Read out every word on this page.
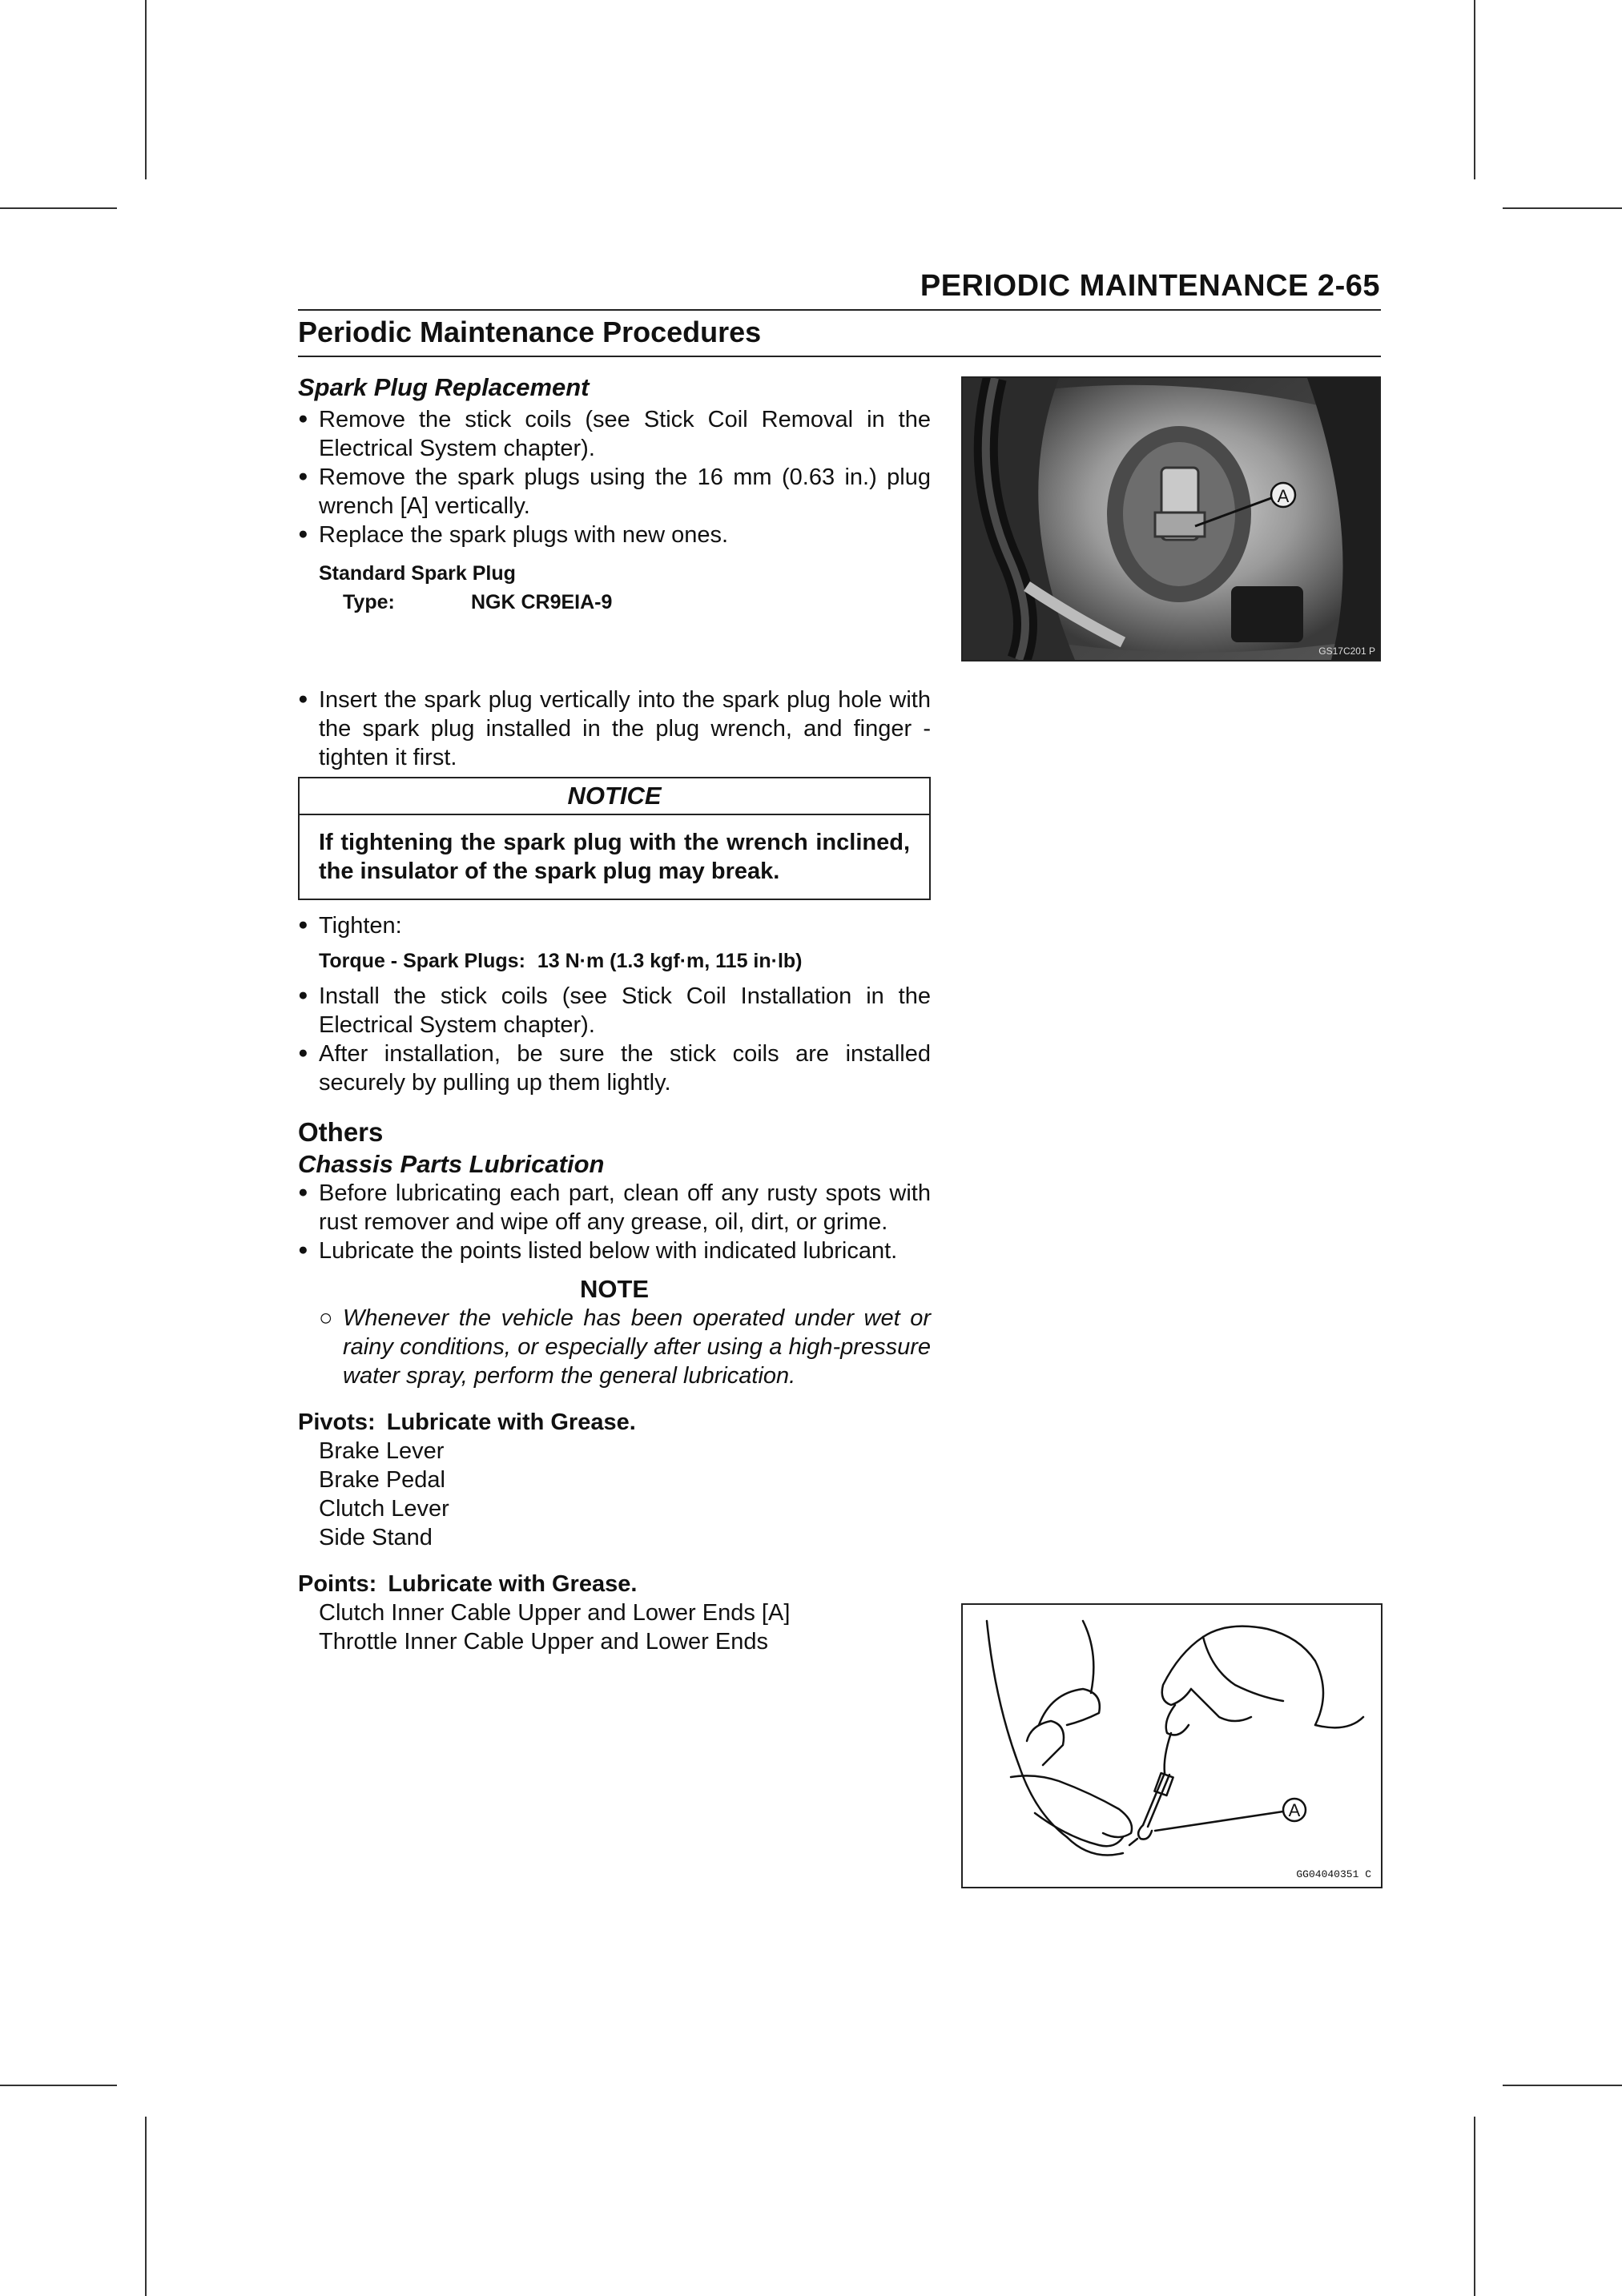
PERIODIC MAINTENANCE 2-65
Periodic Maintenance Procedures
Spark Plug Replacement
● Remove the stick coils (see Stick Coil Removal in the Electrical System chapter).
● Remove the spark plugs using the 16 mm (0.63 in.) plug wrench [A] vertically.
● Replace the spark plugs with new ones.
Standard Spark Plug
Type:	NGK CR9EIA-9
● Insert the spark plug vertically into the spark plug hole with the spark plug installed in the plug wrench, and finger -tighten it first.
NOTICE
If tightening the spark plug with the wrench inclined, the insulator of the spark plug may break.
● Tighten:
Torque - Spark Plugs: 13 N·m (1.3 kgf·m, 115 in·lb)
● Install the stick coils (see Stick Coil Installation in the Electrical System chapter).
● After installation, be sure the stick coils are installed securely by pulling up them lightly.
Others
Chassis Parts Lubrication
● Before lubricating each part, clean off any rusty spots with rust remover and wipe off any grease, oil, dirt, or grime.
● Lubricate the points listed below with indicated lubricant.
NOTE
○ Whenever the vehicle has been operated under wet or rainy conditions, or especially after using a high-pressure water spray, perform the general lubrication.
Pivots: Lubricate with Grease.
Brake Lever
Brake Pedal
Clutch Lever
Side Stand
Points: Lubricate with Grease.
Clutch Inner Cable Upper and Lower Ends [A]
Throttle Inner Cable Upper and Lower Ends
A
GS17C201 P
A
GG04040351 C
